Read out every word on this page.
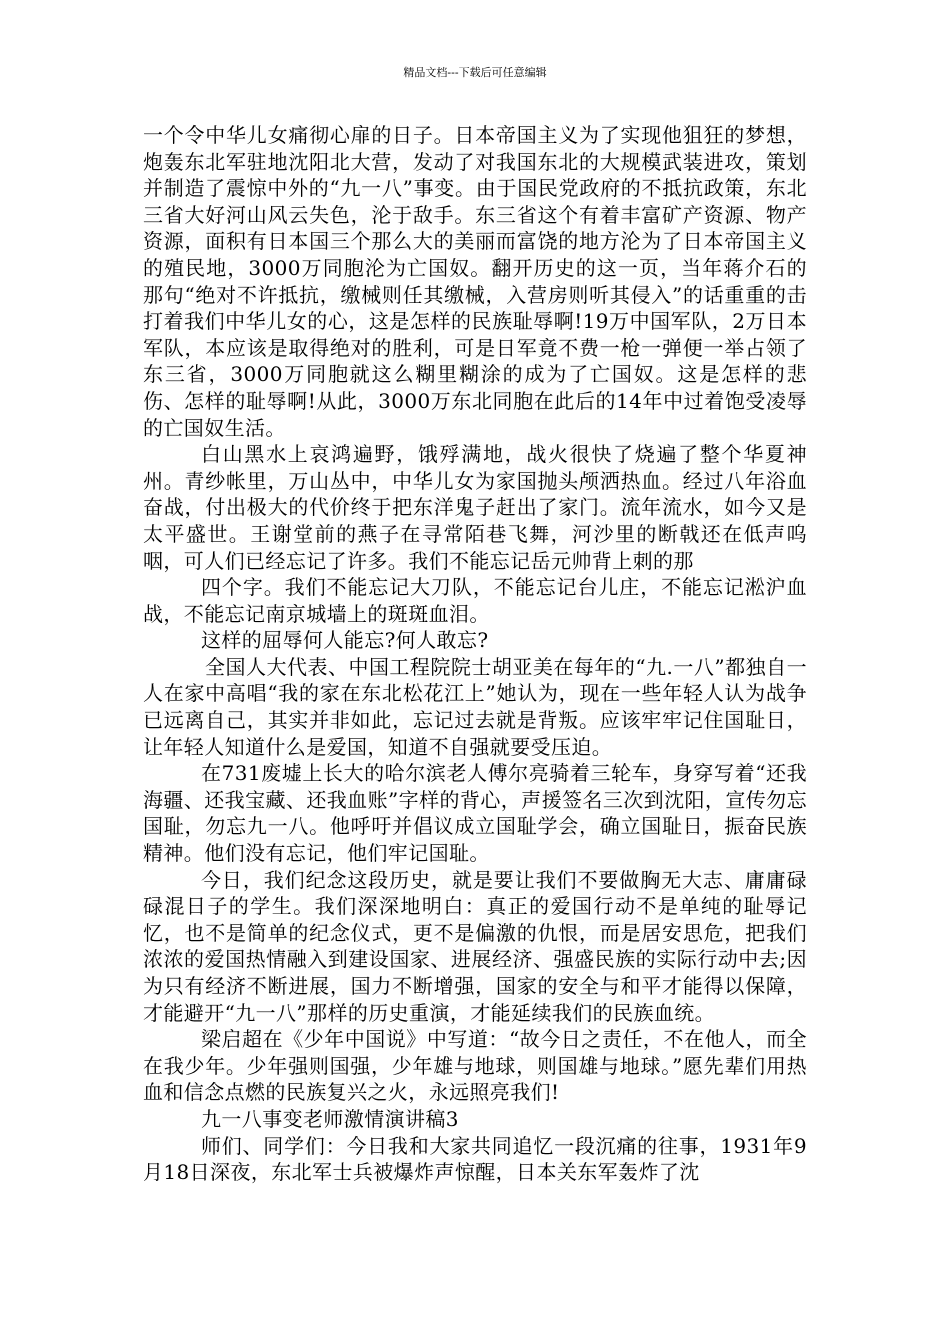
精品文档---下载后可任意编辑

一个令中华儿女痛彻心扉的日子。日本帝国主义为了实现他狙狂的梦想，炮轰东北军驻地沈阳北大营，发动了对我国东北的大规模武装进攻，策划并制造了震惊中外的“九一八”事变。由于国民党政府的不抵抗政策，东北三省大好河山风云失色，沦于敌手。东三省这个有着丰富矿产资源、物产资源，面积有日本国三个那么大的美丽而富饶的地方沦为了日本帝国主义的殖民地，3000万同胞沦为亡国奴。翻开历史的这一页，当年蒋介石的那句“绝对不许抵抗，缴械则任其缴械，入营房则听其侵入”的话重重的击打着我们中华儿女的心，这是怎样的民族耻辱啊!19万中国军队，2万日本军队，本应该是取得绝对的胜利，可是日军竟不费一枪一弹便一举占领了东三省，3000万同胞就这么糊里糊涂的成为了亡国奴。这是怎样的悲伤、怎样的耻辱啊!从此，3000万东北同胞在此后的14年中过着饱受凌辱的亡国奴生活。

白山黑水上哀鸿遍野，饿殍满地，战火很快了烧遍了整个华夏神州。青纱帐里，万山丛中，中华儿女为家国抛头颅洒热血。经过八年浴血奋战，付出极大的代价终于把东洋鬼子赶出了家门。流年流水，如今又是太平盛世。王谢堂前的燕子在寻常陌巷飞舞，河沙里的断戟还在低声呜咽，可人们已经忘记了许多。我们不能忘记岳元帅背上刺的那

四个字。我们不能忘记大刀队，不能忘记台儿庄，不能忘记淞沪血战，不能忘记南京城墙上的斑斑血泪。

这样的屈辱何人能忘?何人敢忘?

全国人大代表、中国工程院院士胡亚美在每年的“九.一八”都独自一人在家中高唱“我的家在东北松花江上”她认为，现在一些年轻人认为战争已远离自己，其实并非如此，忘记过去就是背叛。应该牢牢记住国耻日，让年轻人知道什么是爱国，知道不自强就要受压迫。

在731废墟上长大的哈尔滨老人傅尔亮骑着三轮车，身穿写着“还我海疆、还我宝藏、还我血账”字样的背心，声援签名三次到沈阳，宣传勿忘国耻，勿忘九一八。他呼吁并倡议成立国耻学会，确立国耻日，振奋民族精神。他们没有忘记，他们牢记国耻。

今日，我们纪念这段历史，就是要让我们不要做胸无大志、庸庸碌碌混日子的学生。我们深深地明白：真正的爱国行动不是单纯的耻辱记忆，也不是简单的纪念仪式，更不是偏激的仇恨，而是居安思危，把我们浓浓的爱国热情融入到建设国家、进展经济、强盛民族的实际行动中去;因为只有经济不断进展，国力不断增强，国家的安全与和平才能得以保障，才能避开“九一八”那样的历史重演，才能延续我们的民族血统。

梁启超在《少年中国说》中写道：“故今日之责任，不在他人，而全在我少年。少年强则国强，少年雄与地球，则国雄与地球。”愿先辈们用热血和信念点燃的民族复兴之火，永远照亮我们!

九一八事变老师激情演讲稿3

师们、同学们：今日我和大家共同追忆一段沉痛的往事，1931年9月18日深夜，东北军士兵被爆炸声惊醒，日本关东军轰炸了沈
